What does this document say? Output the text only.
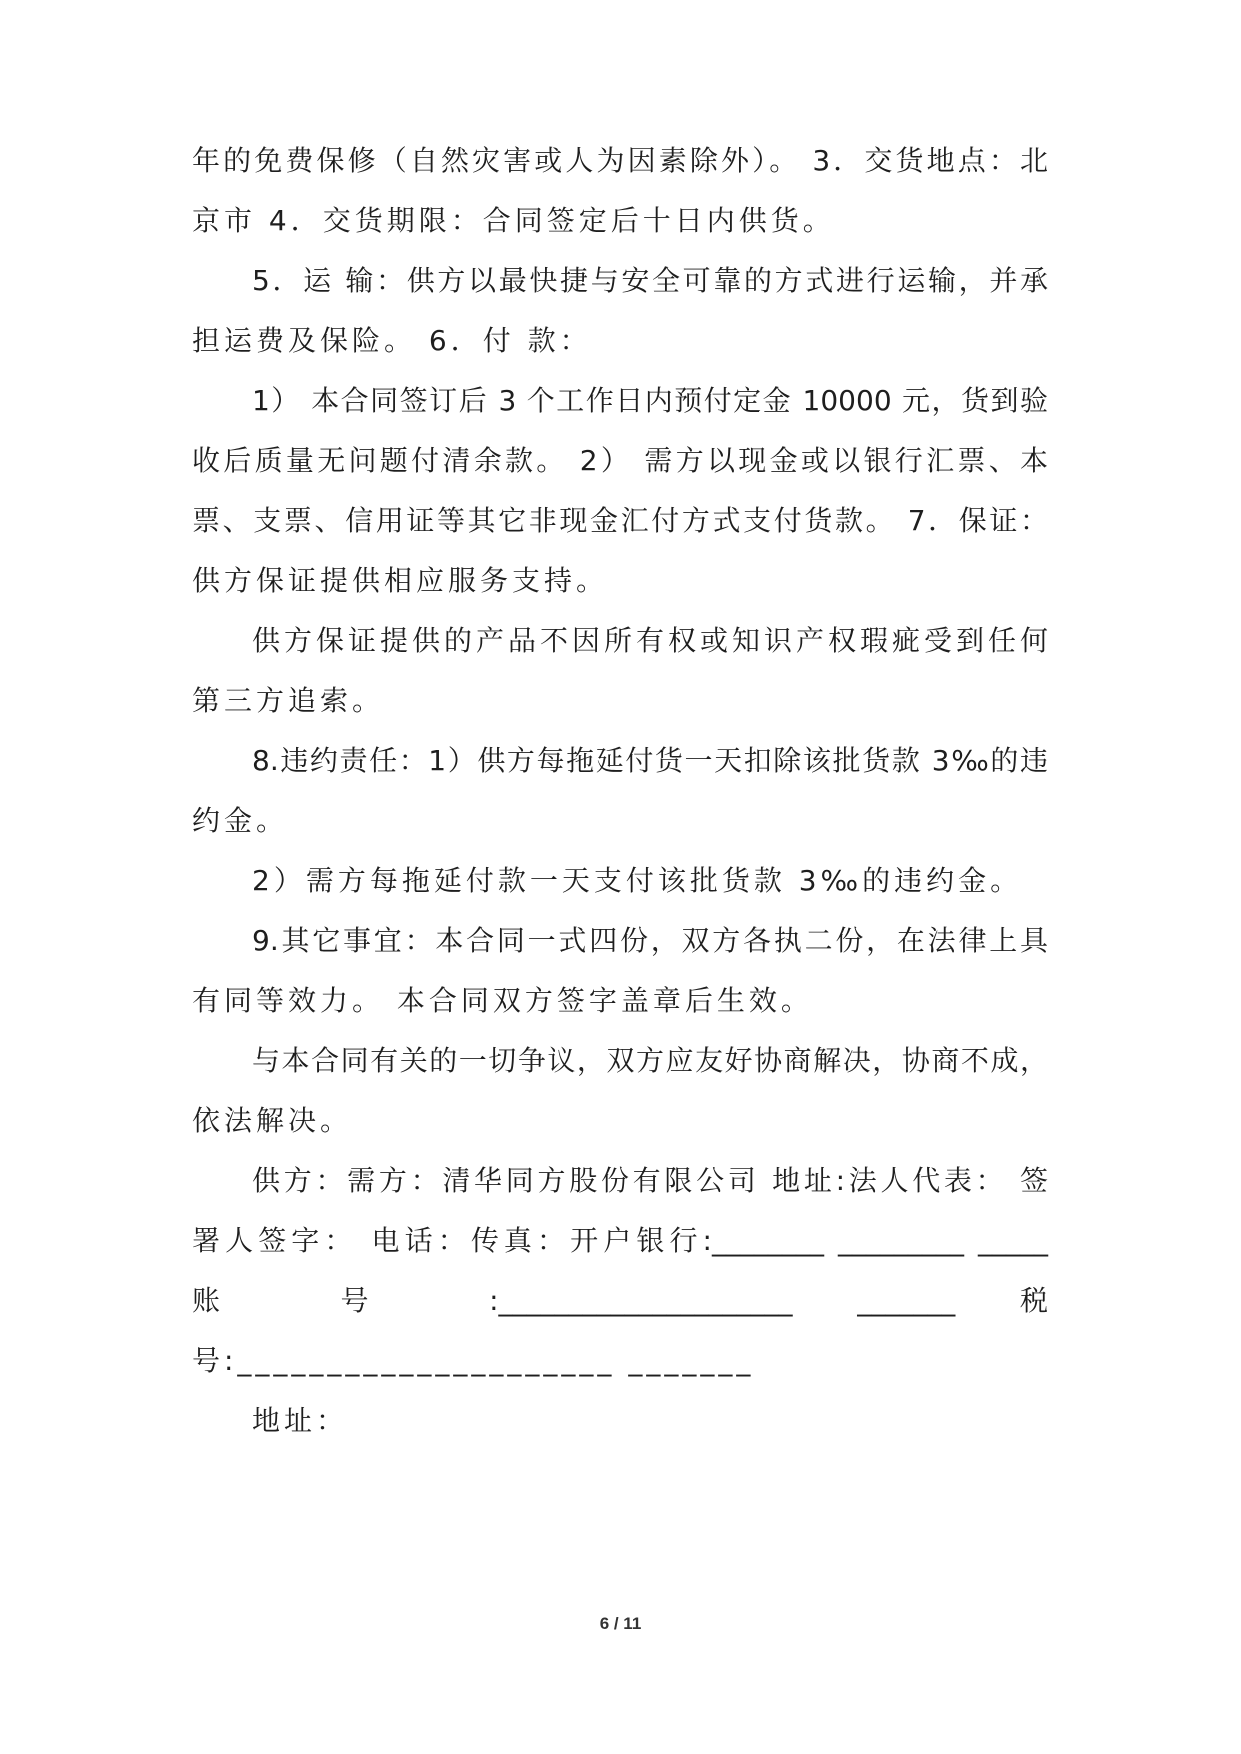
年的免费保修（自然灾害或人为因素除外）。 3．交货地点：北
京市 4．交货期限：合同签定后十日内供货。
5．运 输：供方以最快捷与安全可靠的方式进行运输，并承
担运费及保险。 6．付 款：
1） 本合同签订后 3 个工作日内预付定金 10000 元，货到验
收后质量无问题付清余款。 2） 需方以现金或以银行汇票、本
票、支票、信用证等其它非现金汇付方式支付货款。 7．保证：
供方保证提供相应服务支持。
供方保证提供的产品不因所有权或知识产权瑕疵受到任何
第三方追索。
8.违约责任：1）供方每拖延付货一天扣除该批货款 3‰的违
约金。
2）需方每拖延付款一天支付该批货款 3‰的违约金。
9.其它事宜：本合同一式四份，双方各执二份，在法律上具
有同等效力。 本合同双方签字盖章后生效。
与本合同有关的一切争议，双方应友好协商解决，协商不成，
依法解决。
供方：需方：清华同方股份有限公司 地址:法人代表： 签
署人签字： 电话：传真：开户银行:________ _________ _____
账 号 :_____________________ _______ 税
号:_____________________ _______
地址：
6 / 11
